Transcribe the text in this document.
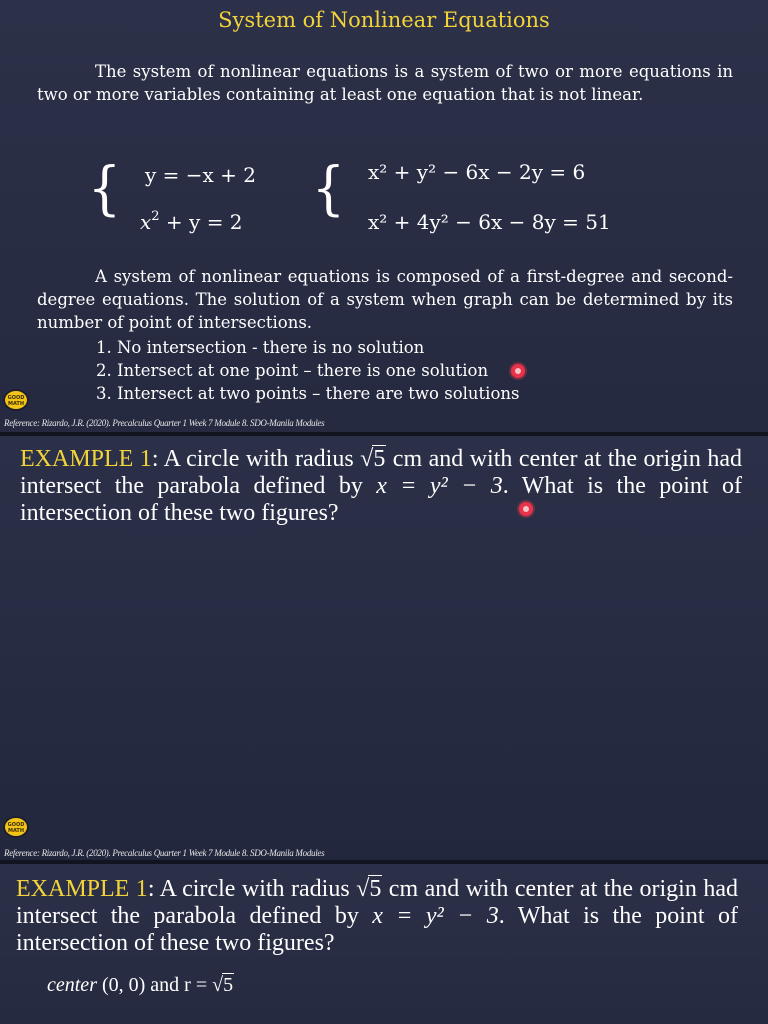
System of Nonlinear Equations
The system of nonlinear equations is a system of two or more equations in two or more variables containing at least one equation that is not linear.
{ y = −x + 2
$x^2 + y = 2$ { x² + y² − 6x − 2y = 6
x² + 4y² − 6x − 8y = 51
A system of nonlinear equations is composed of a first-degree and second-degree equations. The solution of a system when graph can be determined by its number of point of intersections.
1. No intersection - there is no solution
2. Intersect at one point – there is one solution
3. Intersect at two points – there are two solutions
GOOD MATH
Reference: Rizardo, J.R. (2020). Precalculus Quarter 1 Week 7 Module 8. SDO-Manila Modules
EXAMPLE 1: A circle with radius √5 cm and with center at the origin had intersect the parabola defined by x = y² − 3. What is the point of intersection of these two figures?
GOOD MATH
Reference: Rizardo, J.R. (2020). Precalculus Quarter 1 Week 7 Module 8. SDO-Manila Modules
EXAMPLE 1: A circle with radius √5 cm and with center at the origin had intersect the parabola defined by x = y² − 3. What is the point of intersection of these two figures?
center (0, 0) and r = √5
